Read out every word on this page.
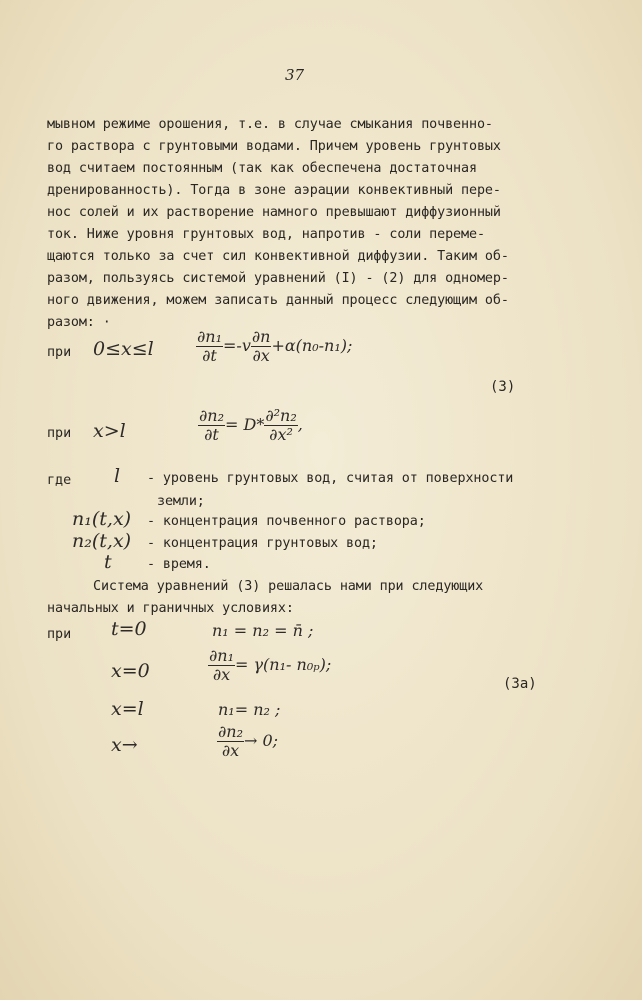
37
мывном режиме орошения, т.е. в случае смыкания почвенно-
го раствора с грунтовыми водами. Причем уровень грунтовых
вод считаем постоянным (так как обеспечена достаточная
дренированность). Тогда в зоне аэрации конвективный пере-
нос солей и их растворение намного превышают диффузионный
ток. Ниже уровня грунтовых вод, напротив - соли переме-
щаются только за счет сил конвективной диффузии. Таким об-
разом, пользуясь системой уравнений (I) - (2) для одномер-
ного движения, можем записать данный процесс следующим об-
разом: ·
при 0≤x≤l	$\frac{\text{∂n₁}}{\partial t} =-v \frac{\partial n}{\partial x} +\alpha(n_0-n_1)$;
(3)
при x>l	$\frac{\text{∂n₂}}{\partial t} = D* \frac{\text{∂²n₂}}{\text{∂x²}}$ ,
где l - уровень грунтовых вод, считая от поверхности
земли;
n₁(t,x) - концентрация почвенного раствора;
n₂(t,x) - концентрация грунтовых вод;
t	- время.
Система уравнений (3) решалась нами при следующих
начальных и граничных условиях:
при t=0	n₁ = n₂ = n̄ ;
x=0	$\frac{\text{∂n₁}}{\partial x} = \gamma(n_1-$ n₀ₚ);
(3a)
x=l	n₁= n₂ ;
x→	$\frac{\text{∂n₂}}{\partial x} \to 0$;
